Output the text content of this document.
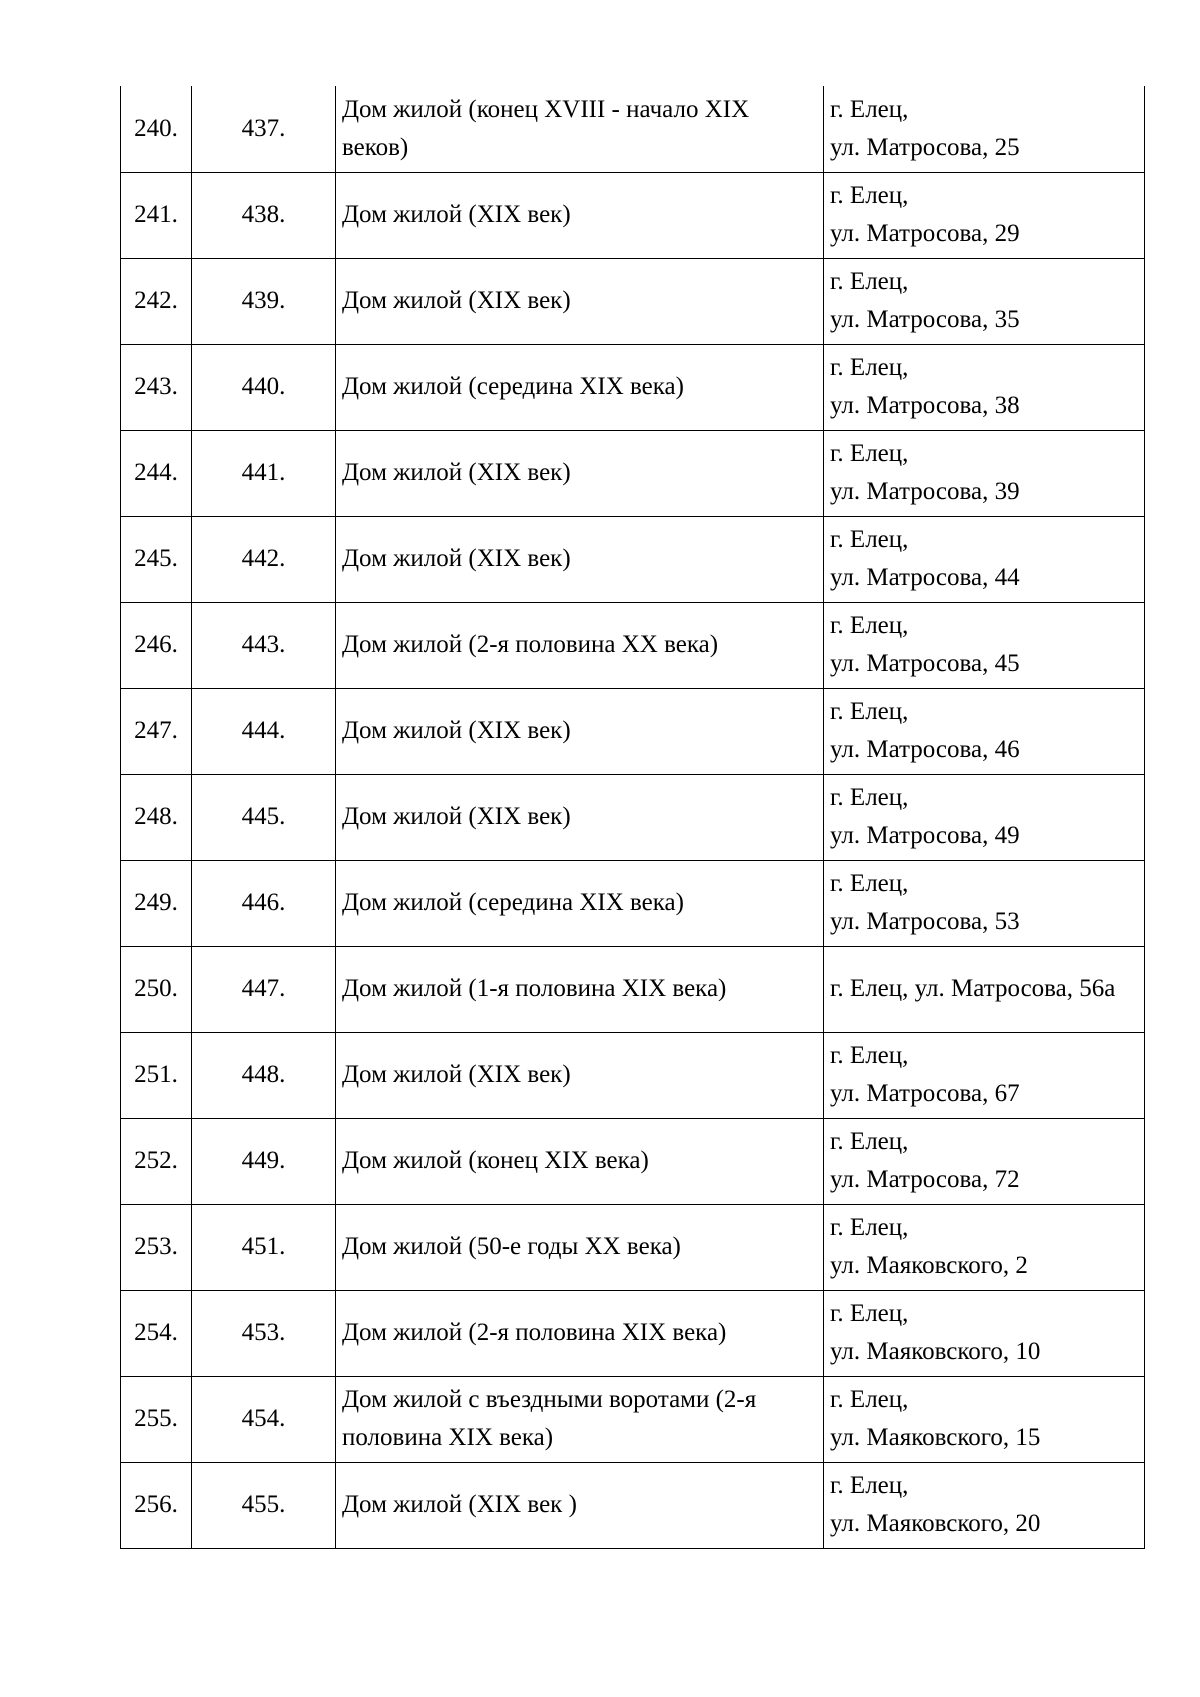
240.	437.	Дом жилой (конец XVIII - начало XIX веков)	г. Елец,
ул. Матросова, 25

241.	438.	Дом жилой (XIX век)	г. Елец,
ул. Матросова, 29

242.	439.	Дом жилой (XIX век)	г. Елец,
ул. Матросова, 35

243.	440.	Дом жилой (середина XIX века)	г. Елец,
ул. Матросова, 38

244.	441.	Дом жилой (XIX век)	г. Елец,
ул. Матросова, 39

245.	442.	Дом жилой (XIX век)	г. Елец,
ул. Матросова, 44

246.	443.	Дом жилой (2-я половина XX века)	г. Елец,
ул. Матросова, 45

247.	444.	Дом жилой (XIX век)	г. Елец,
ул. Матросова, 46

248.	445.	Дом жилой (XIX век)	г. Елец,
ул. Матросова, 49

249.	446.	Дом жилой (середина XIX века)	г. Елец,
ул. Матросова, 53

250.	447.	Дом жилой (1-я половина XIX века)	г. Елец, ул. Матросова, 56а

251.	448.	Дом жилой (XIX век)	г. Елец,
ул. Матросова, 67

252.	449.	Дом жилой (конец XIX века)	г. Елец,
ул. Матросова, 72

253.	451.	Дом жилой (50-е годы XX века)	г. Елец,
ул. Маяковского, 2

254.	453.	Дом жилой (2-я половина XIX века)	г. Елец,
ул. Маяковского, 10

255.	454.	Дом жилой с въездными воротами (2-я половина XIX века)	г. Елец,
ул. Маяковского, 15

256.	455.	Дом жилой (XIX век )	г. Елец,
ул. Маяковского, 20
